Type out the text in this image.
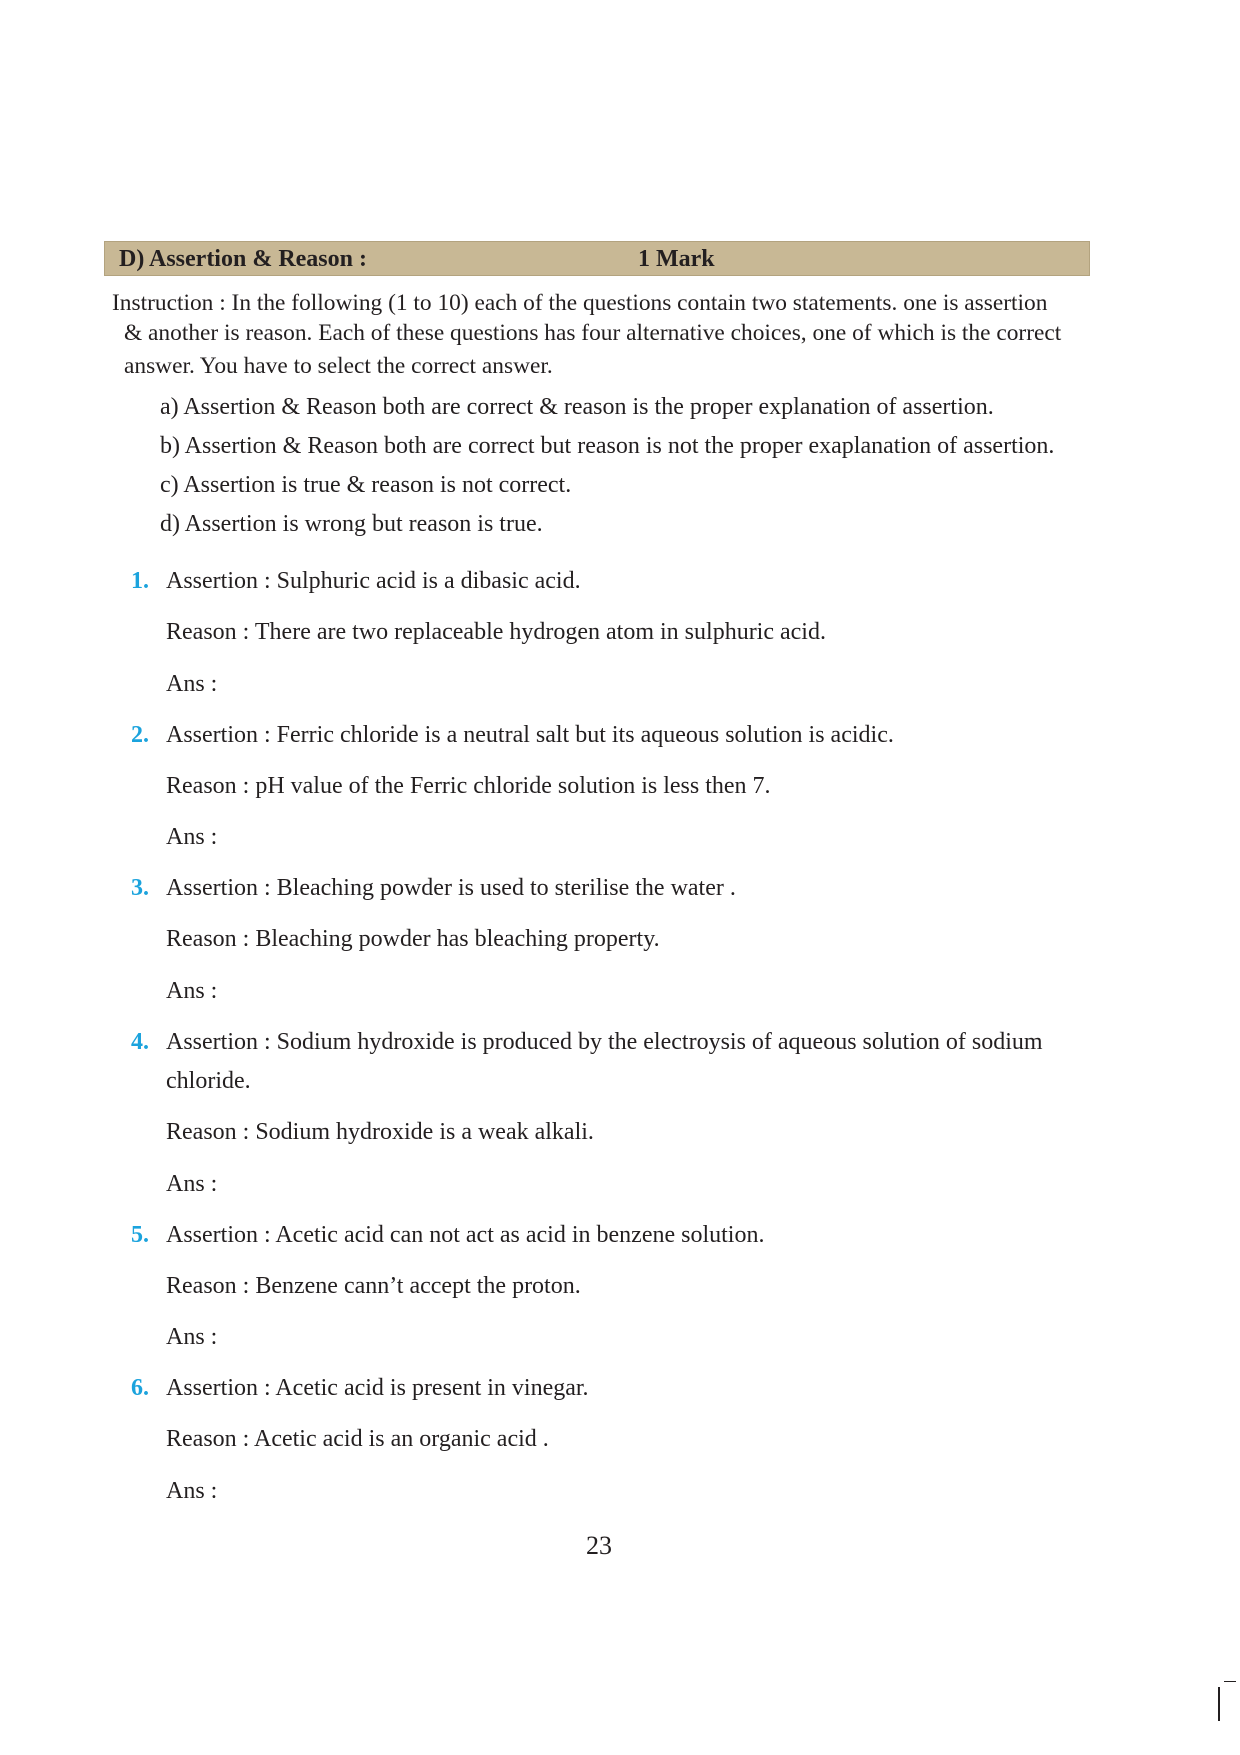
D) Assertion & Reason :	1 Mark
Instruction : In the following (1 to 10) each of the questions contain two statements. one is assertion
& another is reason. Each of these questions has four alternative choices, one of which is the correct
answer. You have to select the correct answer.
a) Assertion & Reason both are correct & reason is the proper explanation of assertion.
b) Assertion & Reason both are correct but reason is not the proper exaplanation of assertion.
c) Assertion is true & reason is not correct.
d) Assertion is wrong but reason is true.
1. Assertion : Sulphuric acid is a dibasic acid.
Reason : There are two replaceable hydrogen atom in sulphuric acid.
Ans :
2. Assertion : Ferric chloride is a neutral salt but its aqueous solution is acidic.
Reason : pH value of the Ferric chloride solution is less then 7.
Ans :
3. Assertion : Bleaching powder is used to sterilise the water .
Reason : Bleaching powder has bleaching property.
Ans :
4. Assertion : Sodium hydroxide is produced by the electroysis of aqueous solution of sodium
chloride.
Reason : Sodium hydroxide is a weak alkali.
Ans :
5. Assertion : Acetic acid can not act as acid in benzene solution.
Reason : Benzene cann’t accept the proton.
Ans :
6. Assertion : Acetic acid is present in vinegar.
Reason : Acetic acid is an organic acid .
Ans :
23
